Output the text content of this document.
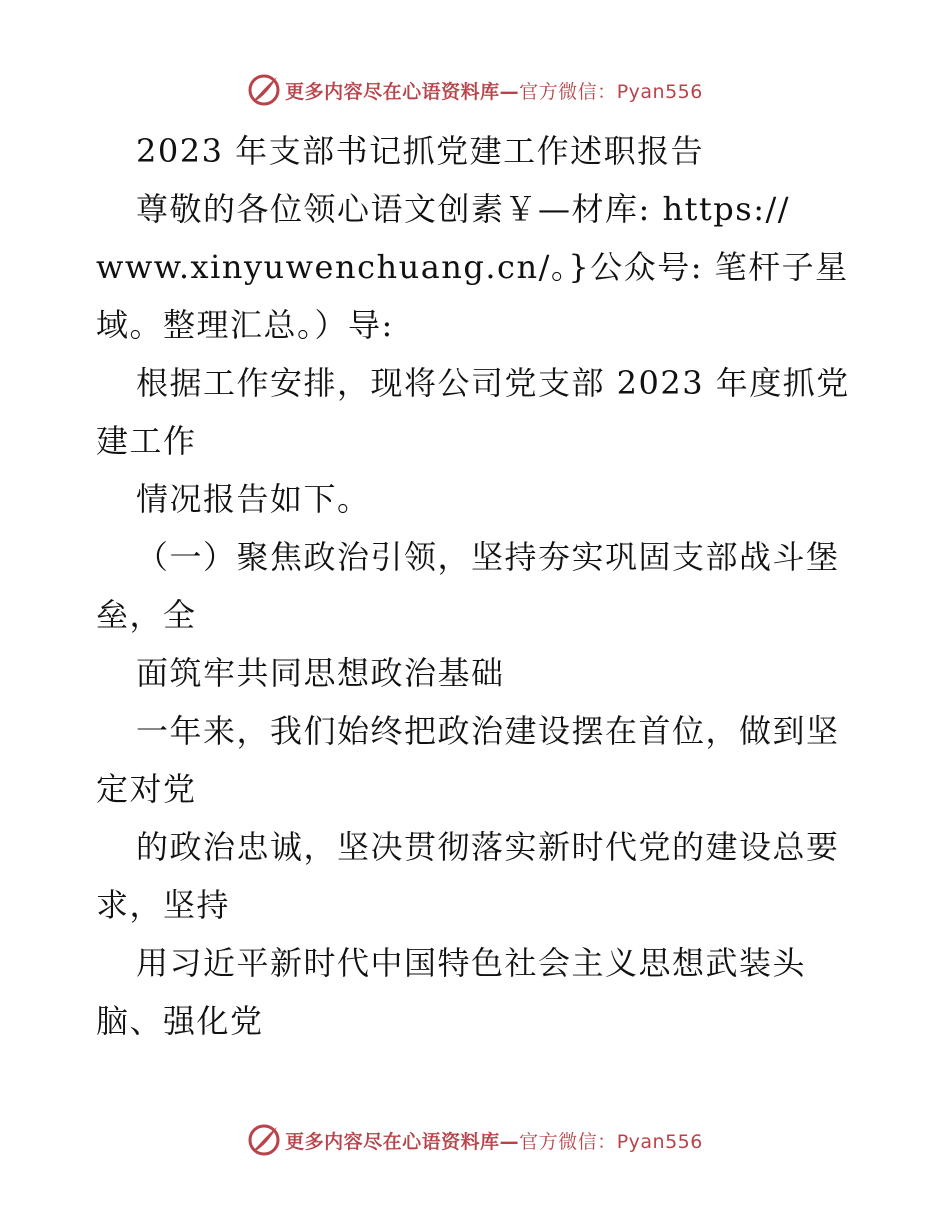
更多内容尽在心语资料库—官方微信：Pyan556
2023 年支部书记抓党建工作述职报告
尊敬的各位领心语文创素￥—材库: https://
www.xinyuwenchuang.cn/。}公众号: 笔杆子星
域。整理汇总。）导:
根据工作安排，现将公司党支部 2023 年度抓党
建工作
情况报告如下。
（一）聚焦政治引领，坚持夯实巩固支部战斗堡
垒，全
面筑牢共同思想政治基础
一年来，我们始终把政治建设摆在首位，做到坚
定对党
的政治忠诚，坚决贯彻落实新时代党的建设总要
求，坚持
用习近平新时代中国特色社会主义思想武装头
脑、强化党
更多内容尽在心语资料库—官方微信：Pyan556
